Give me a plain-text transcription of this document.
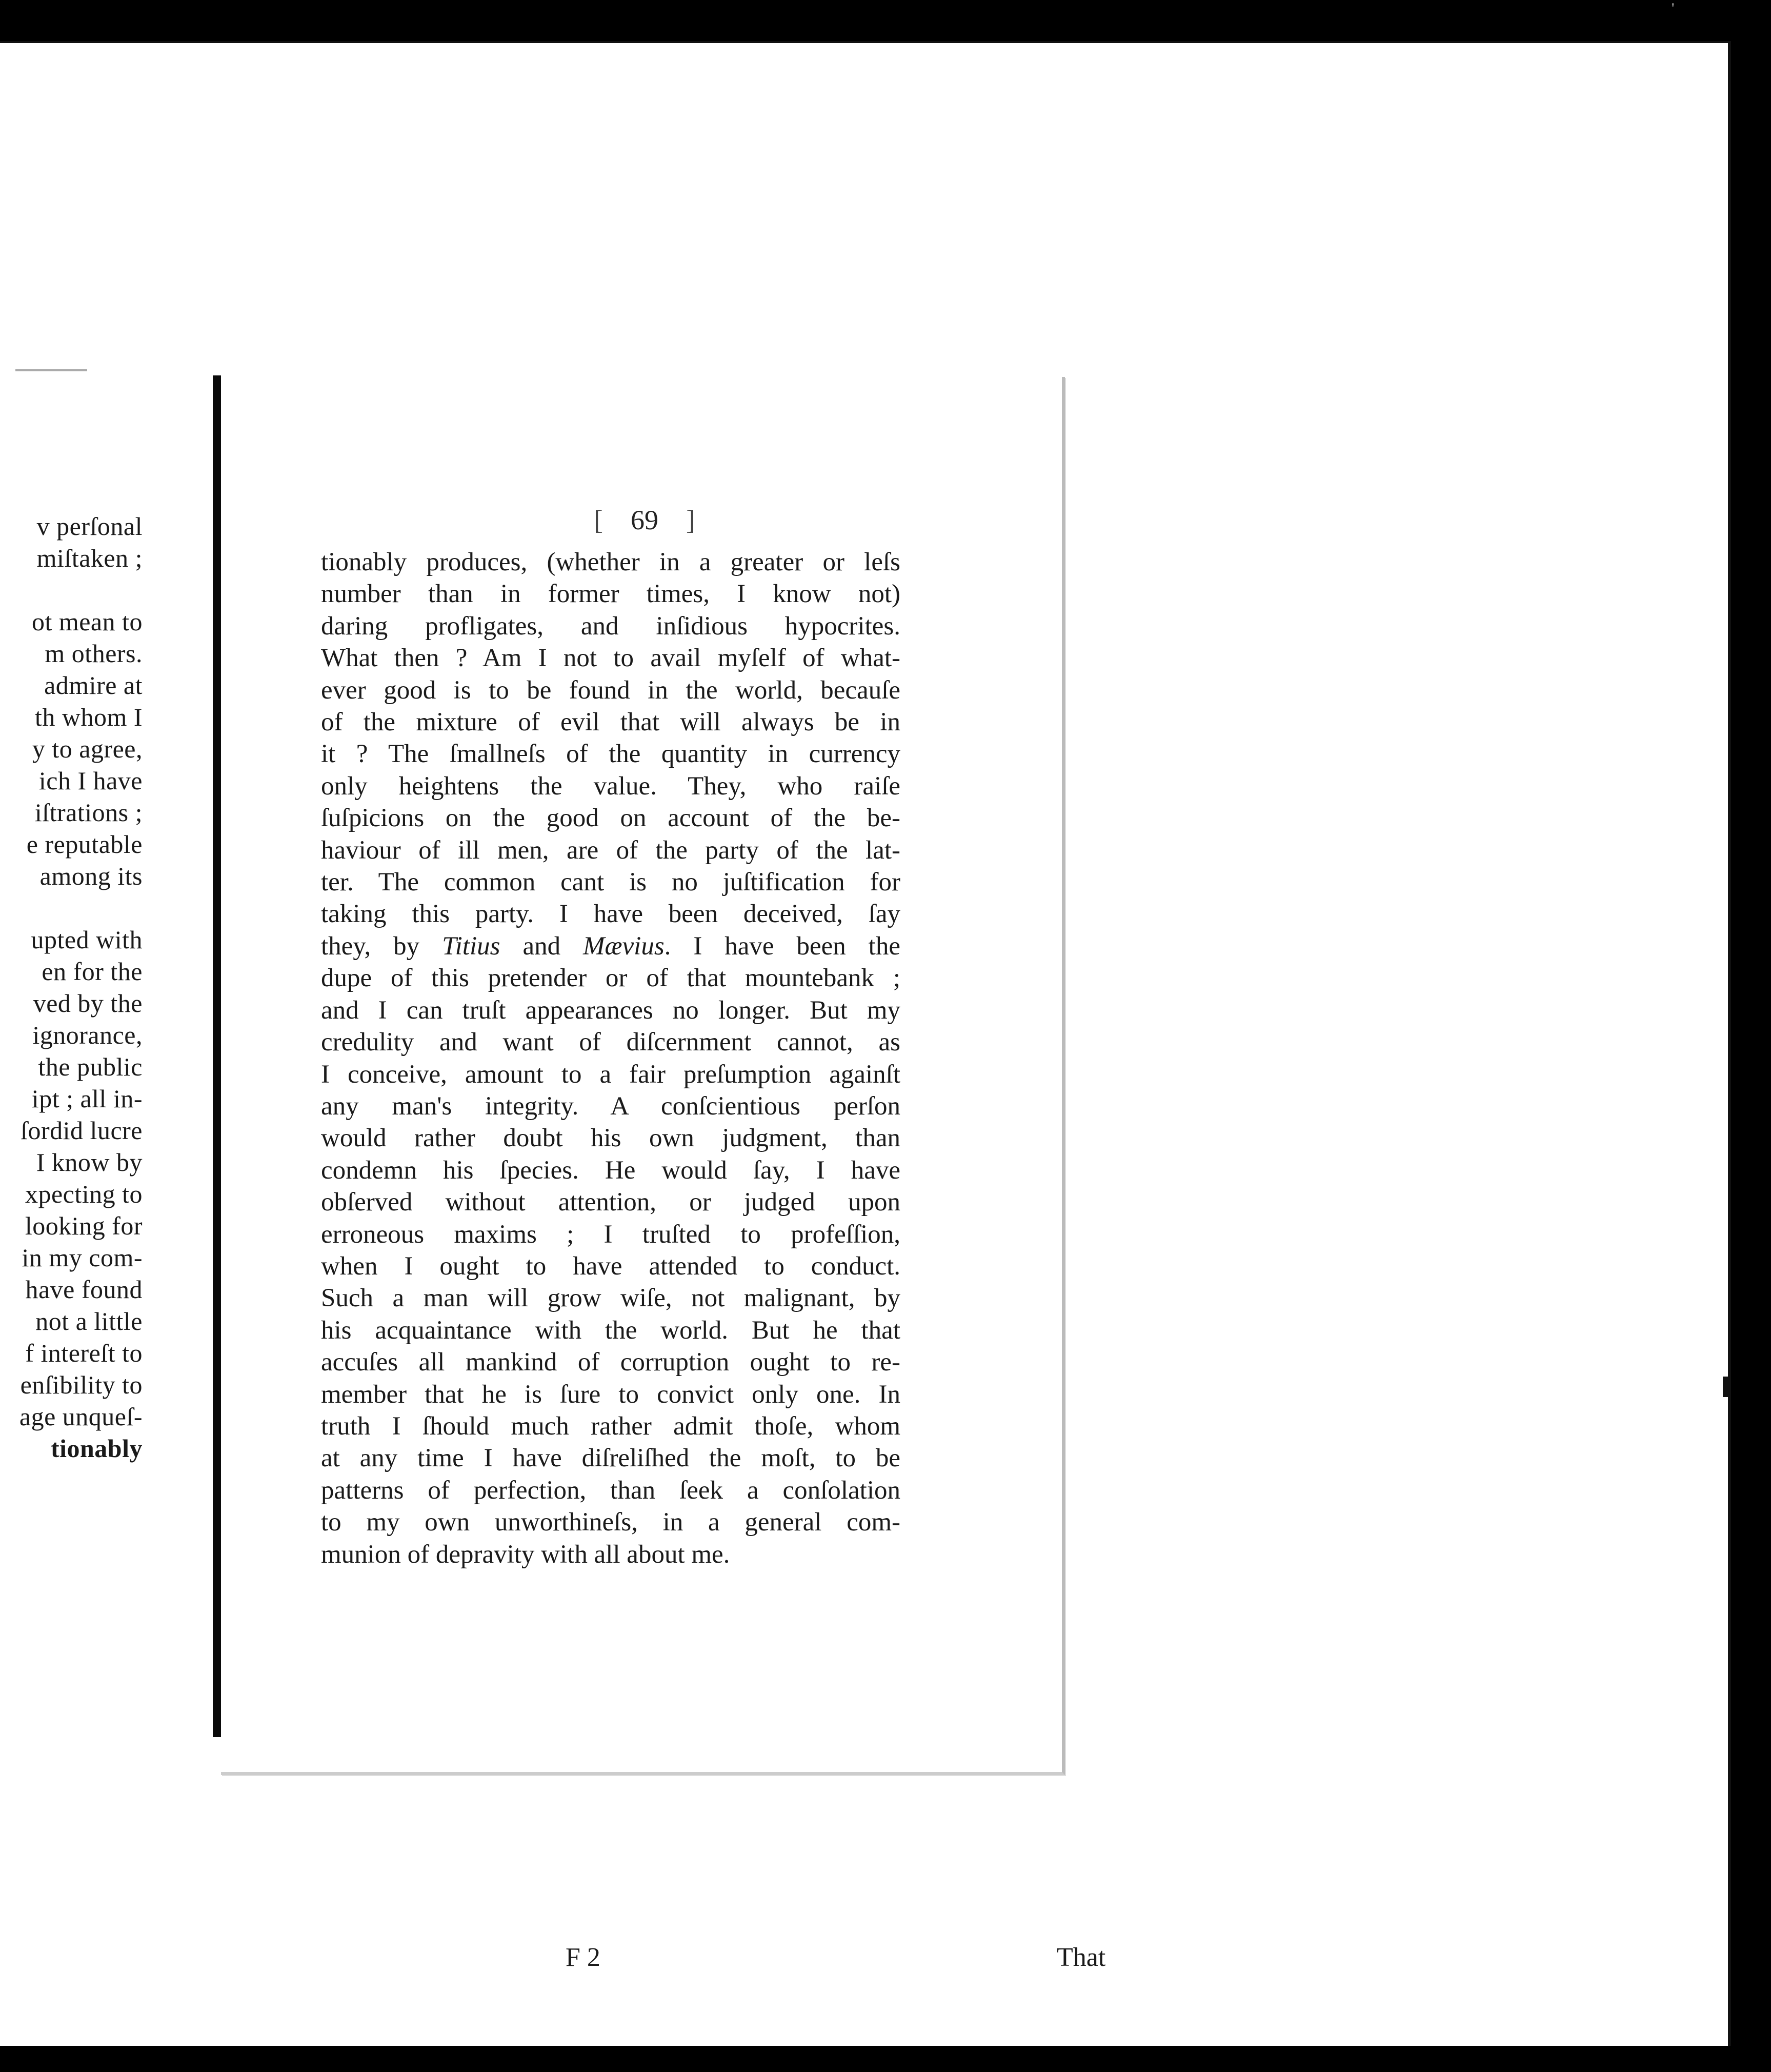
'
v perſonal
miſtaken ;
ot mean to
m others.
admire at
th whom I
y to agree,
ich I have
iſtrations ;
e reputable
among its
upted with
en for the
ved by the
ignorance,
the public
ipt ; all in-
ſordid lucre
I know by
xpecting to
looking for
in my com-
have found
not a little
f intereſt to
enſibility to
age unqueſ-
tionably
[ 69 ]
tionably produces, (whether in a greater or leſs
number than in former times, I know not)
daring profligates, and inſidious hypocrites.
What then ? Am I not to avail myſelf of what-
ever good is to be found in the world, becauſe
of the mixture of evil that will always be in
it ? The ſmallneſs of the quantity in currency
only heightens the value. They, who raiſe
ſuſpicions on the good on account of the be-
haviour of ill men, are of the party of the lat-
ter. The common cant is no juſtification for
taking this party. I have been deceived, ſay
they, by Titius and Mævius. I have been the
dupe of this pretender or of that mountebank ;
and I can truſt appearances no longer. But my
credulity and want of diſcernment cannot, as
I conceive, amount to a fair preſumption againſt
any man's integrity. A conſcientious perſon
would rather doubt his own judgment, than
condemn his ſpecies. He would ſay, I have
obſerved without attention, or judged upon
erroneous maxims ; I truſted to profeſſion,
when I ought to have attended to conduct.
Such a man will grow wiſe, not malignant, by
his acquaintance with the world. But he that
accuſes all mankind of corruption ought to re-
member that he is ſure to convict only one. In
truth I ſhould much rather admit thoſe, whom
at any time I have diſreliſhed the moſt, to be
patterns of perfection, than ſeek a conſolation
to my own unworthineſs, in a general com-
munion of depravity with all about me.
F 2	That
